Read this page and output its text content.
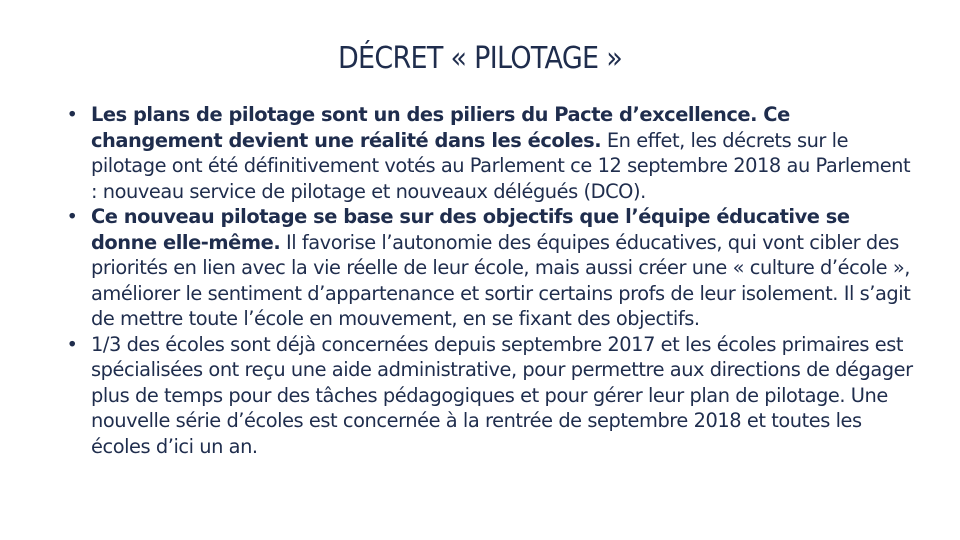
DÉCRET « PILOTAGE »
• Les plans de pilotage sont un des piliers du Pacte d’excellence. Ce changement devient une réalité dans les écoles. En effet, les décrets sur le pilotage ont été définitivement votés au Parlement ce 12 septembre 2018 au Parlement : nouveau service de pilotage et nouveaux délégués (DCO).
• Ce nouveau pilotage se base sur des objectifs que l’équipe éducative se donne elle-même. Il favorise l’autonomie des équipes éducatives, qui vont cibler des priorités en lien avec la vie réelle de leur école, mais aussi créer une « culture d’école », améliorer le sentiment d’appartenance et sortir certains profs de leur isolement. Il s’agit de mettre toute l’école en mouvement, en se fixant des objectifs.
• 1/3 des écoles sont déjà concernées depuis septembre 2017 et les écoles primaires est spécialisées ont reçu une aide administrative, pour permettre aux directions de dégager plus de temps pour des tâches pédagogiques et pour gérer leur plan de pilotage. Une nouvelle série d’écoles est concernée à la rentrée de septembre 2018 et toutes les écoles d’ici un an.
